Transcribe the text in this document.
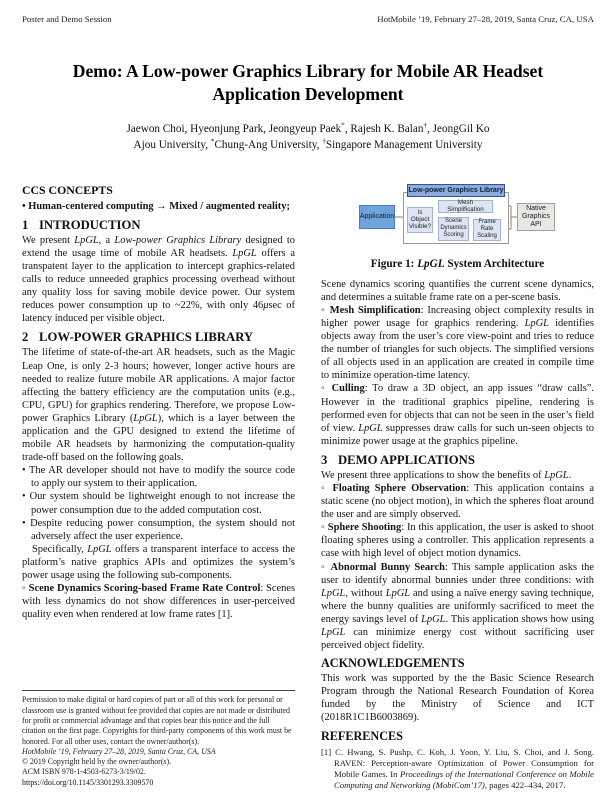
Poster and Demo Session	HotMobile ’19, February 27–28, 2019, Santa Cruz, CA, USA
Demo: A Low-power Graphics Library for Mobile AR Headset Application Development
Jaewon Choi, Hyeonjung Park, Jeongyeup Paek*, Rajesh K. Balan†, JeongGil Ko
Ajou University, *Chung-Ang University, †Singapore Management University
CCS CONCEPTS

• Human-centered computing → Mixed / augmented reality;

1 INTRODUCTION

We present LpGL, a Low-power Graphics Library designed to extend the usage time of mobile AR headsets. LpGL offers a transpatent layer to the application to intercept graphics-related calls to reduce unneeded graphics processing overhead without any quality loss for saving mobile device power. Our system reduces power consumption up to ~22%, with only 46μsec of latency induced per visible object.

2 LOW-POWER GRAPHICS LIBRARY

The lifetime of state-of-the-art AR headsets, such as the Magic Leap One, is only 2-3 hours; however, longer active hours are needed to realize future mobile AR applications. A major factor affecting the battery efficiency are the computation units (e.g., CPU, GPU) for graphics rendering. Therefore, we propose Low-power Graphics Library (LpGL), which is a layer between the application and the GPU designed to extend the lifetime of mobile AR headsets by harmonizing the computation-quality trade-off based on the following goals.

• The AR developer should not have to modify the source code to apply our system to their application.

• Our system should be lightweight enough to not increase the power consumption due to the added computation cost.

• Despite reducing power consumption, the system should not adversely affect the user experience.

Specifically, LpGL offers a transparent interface to access the platform’s native graphics APIs and optimizes the system’s power usage using the following sub-components.

◦ Scene Dynamics Scoring-based Frame Rate Control: Scenes with less dynamics do not show differences in user-perceived quality even when rendered at low frame rates [1].

Permission to make digital or hard copies of part or all of this work for personal or classroom use is granted without fee provided that copies are not made or distributed for profit or commercial advantage and that copies bear this notice and the full citation on the first page. Copyrights for third-party components of this work must be honored. For all other uses, contact the owner/author(s).

HotMobile ’19, February 27–28, 2019, Santa Cruz, CA, USA

© 2019 Copyright held by the owner/author(s).

ACM ISBN 978-1-4503-6273-3/19/02.

https://doi.org/10.1145/3301293.3309570

Low-power Graphics Library
Application
Is Object Visible?
Mesh Simplification
Scene Dynamics Scoring
Frame Rate Scaling
Native Graphics API
Figure 1: LpGL System Architecture

Scene dynamics scoring quantifies the current scene dynamics, and determines a suitable frame rate on a per-scene basis.

◦ Mesh Simplification: Increasing object complexity results in higher power usage for graphics rendering. LpGL identifies objects away from the user’s core view-point and tries to reduce the number of triangles for such objects. The simplified versions of all objects used in an application are created in compile time to minimize operation-time latency.

◦ Culling: To draw a 3D object, an app issues “draw calls”. However in the traditional graphics pipeline, rendering is performed even for objects that can not be seen in the user’s field of view. LpGL suppresses draw calls for such un-seen objects to minimize power usage at the graphics pipeline.

3 DEMO APPLICATIONS

We present three applications to show the benefits of LpGL.

◦ Floating Sphere Observation: This application contains a static scene (no object motion), in which the spheres float around the user and are simply observed.

◦ Sphere Shooting: In this application, the user is asked to shoot floating spheres using a controller. This application represents a case with high level of object motion dynamics.

◦ Abnormal Bunny Search: This sample application asks the user to identify abnormal bunnies under three conditions: with LpGL, without LpGL and using a naïve energy saving technique, where the bunny qualities are uniformly sacrificed to meet the energy savings level of LpGL. This application shows how using LpGL can minimize energy cost without sacrificing user perceived object fidelity.

ACKNOWLEDGEMENTS

This work was supported by the the Basic Science Research Program through the National Research Foundation of Korea funded by the Ministry of Science and ICT (2018R1C1B6003869).

REFERENCES
[1] C. Hwang, S. Pushp, C. Koh, J. Yoon, Y. Liu, S. Choi, and J. Song. RAVEN: Perception-aware Optimization of Power Consumption for Mobile Games. In Proceedings of the International Conference on Mobile Computing and Networking (MobiCom’17), pages 422–434, 2017.
